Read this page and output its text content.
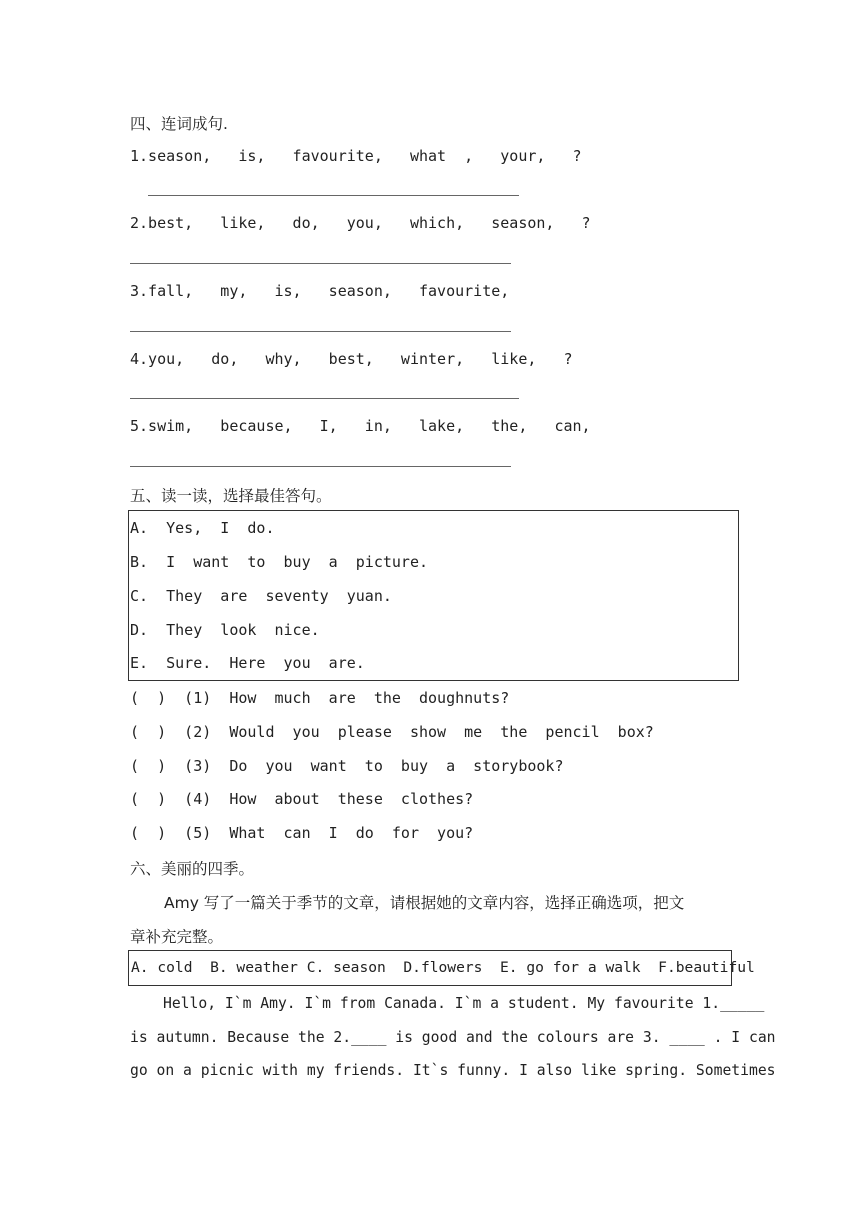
四、连词成句.
1.season,   is,   favourite,   what  ,   your,   ?
2.best,   like,   do,   you,   which,   season,   ?
3.fall,   my,   is,   season,   favourite,
4.you,   do,   why,   best,   winter,   like,   ?
5.swim,   because,   I,   in,   lake,   the,   can,
五、读一读，选择最佳答句。
A.  Yes,  I  do.
B.  I  want  to  buy  a  picture.
C.  They  are  seventy  yuan.
D.  They  look  nice.
E.  Sure.  Here  you  are.
(  )  (1)  How  much  are  the  doughnuts?
(  )  (2)  Would  you  please  show  me  the  pencil  box?
(  )  (3)  Do  you  want  to  buy  a  storybook?
(  )  (4)  How  about  these  clothes?
(  )  (5)  What  can  I  do  for  you?
六、美丽的四季。
Amy 写了一篇关于季节的文章，请根据她的文章内容，选择正确选项，把文
章补充完整。
A. cold  B. weather C. season  D.flowers  E. go for a walk  F.beautiful
Hello, I`m Amy. I`m from Canada. I`m a student. My favourite 1._____
is autumn. Because the 2.____ is good and the colours are 3. ____ . I can
go on a picnic with my friends. It`s funny. I also like spring. Sometimes
